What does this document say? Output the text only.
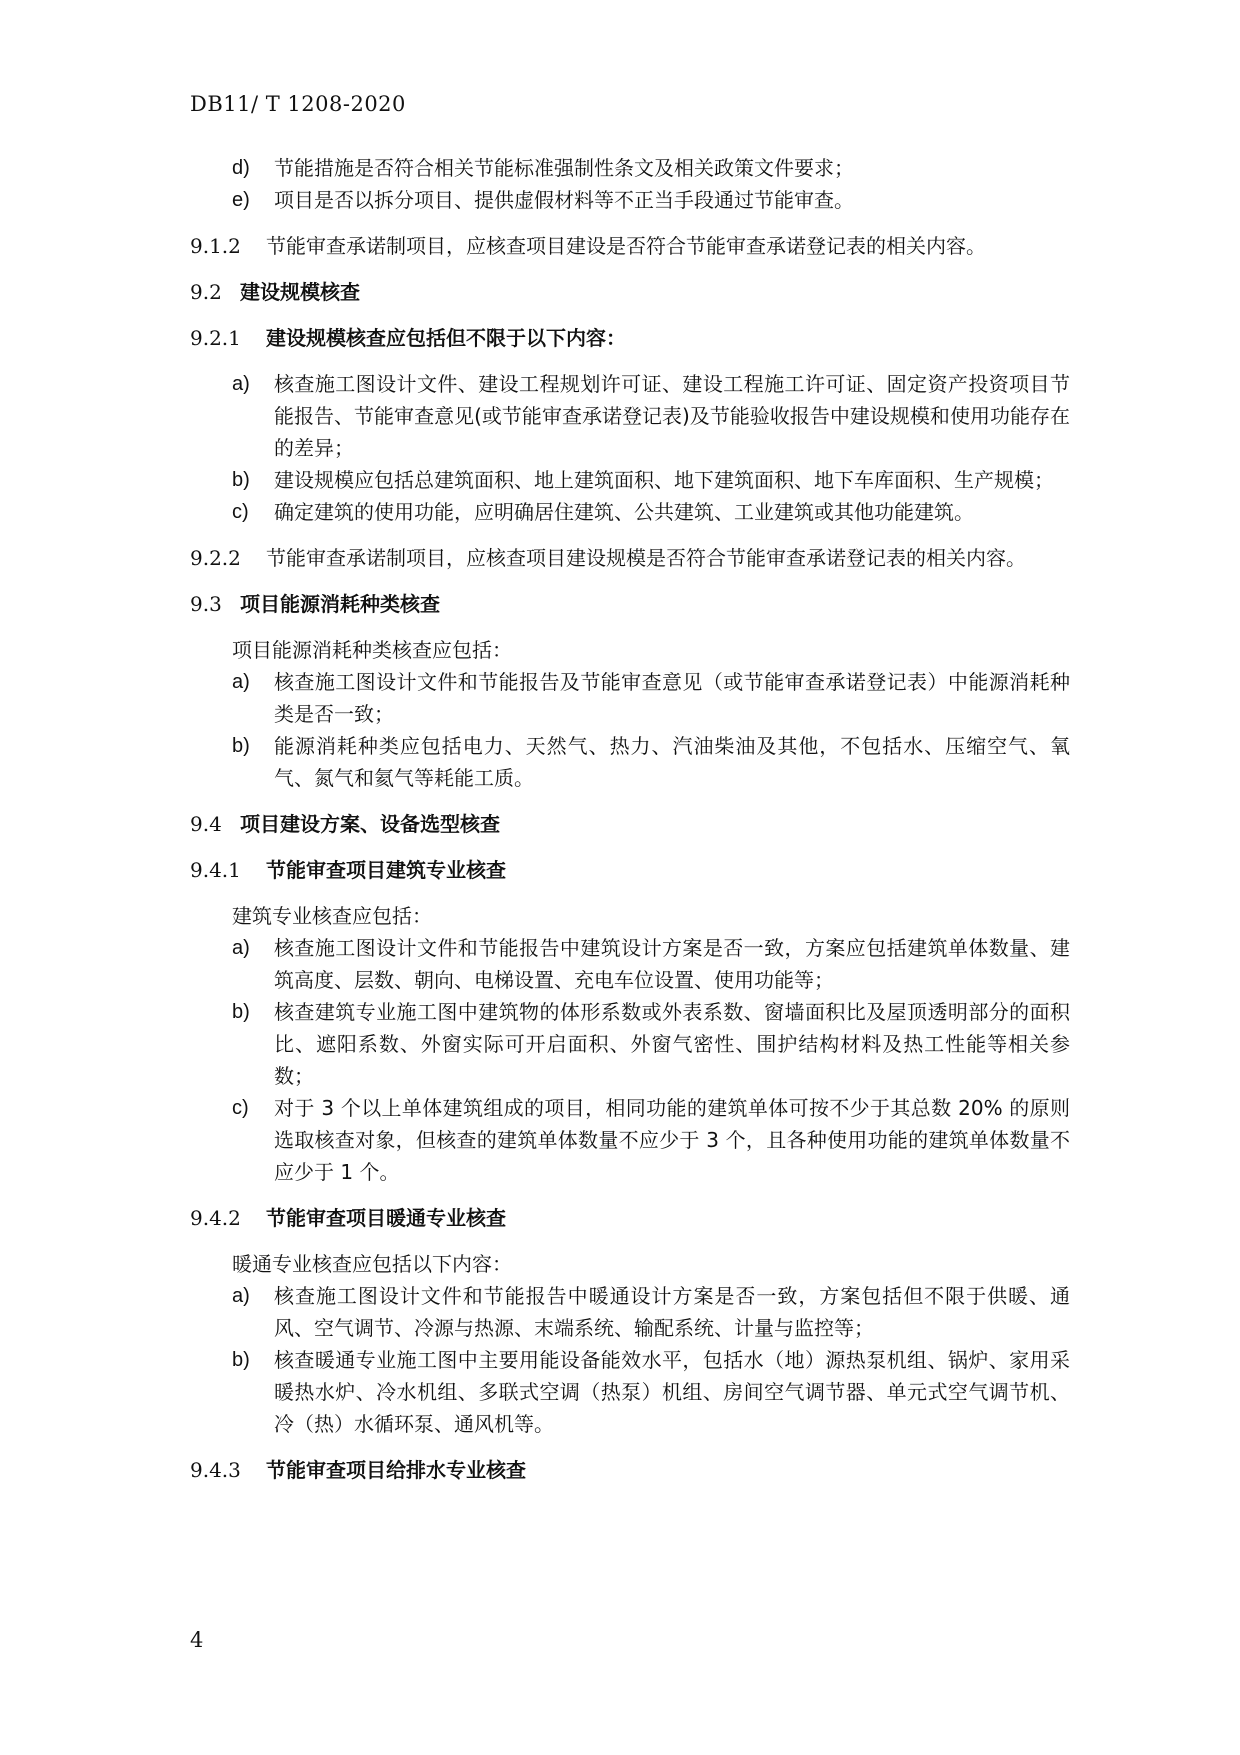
DB11/ T 1208-2020
d)	节能措施是否符合相关节能标准强制性条文及相关政策文件要求；
e)	项目是否以拆分项目、提供虚假材料等不正当手段通过节能审查。
9.1.2	节能审查承诺制项目，应核查项目建设是否符合节能审查承诺登记表的相关内容。
9.2 建设规模核查
9.2.1	建设规模核查应包括但不限于以下内容：
a)	核查施工图设计文件、建设工程规划许可证、建设工程施工许可证、固定资产投资项目节能报告、节能审查意见(或节能审查承诺登记表)及节能验收报告中建设规模和使用功能存在的差异；
b)	建设规模应包括总建筑面积、地上建筑面积、地下建筑面积、地下车库面积、生产规模；
c)	确定建筑的使用功能，应明确居住建筑、公共建筑、工业建筑或其他功能建筑。
9.2.2 节能审查承诺制项目，应核查项目建设规模是否符合节能审查承诺登记表的相关内容。
9.3 项目能源消耗种类核查
项目能源消耗种类核查应包括：
a)	核查施工图设计文件和节能报告及节能审查意见（或节能审查承诺登记表）中能源消耗种类是否一致；
b)	能源消耗种类应包括电力、天然气、热力、汽油柴油及其他，不包括水、压缩空气、氧气、氮气和氦气等耗能工质。
9.4 项目建设方案、设备选型核查
9.4.1	节能审查项目建筑专业核查
建筑专业核查应包括：
a)	核查施工图设计文件和节能报告中建筑设计方案是否一致，方案应包括建筑单体数量、建筑高度、层数、朝向、电梯设置、充电车位设置、使用功能等；
b)	核查建筑专业施工图中建筑物的体形系数或外表系数、窗墙面积比及屋顶透明部分的面积比、遮阳系数、外窗实际可开启面积、外窗气密性、围护结构材料及热工性能等相关参数；
c)	对于 3 个以上单体建筑组成的项目，相同功能的建筑单体可按不少于其总数 20% 的原则选取核查对象，但核查的建筑单体数量不应少于 3 个，且各种使用功能的建筑单体数量不应少于 1 个。
9.4.2	节能审查项目暖通专业核查
暖通专业核查应包括以下内容：
a)	核查施工图设计文件和节能报告中暖通设计方案是否一致，方案包括但不限于供暖、通风、空气调节、冷源与热源、末端系统、输配系统、计量与监控等；
b)	核查暖通专业施工图中主要用能设备能效水平，包括水（地）源热泵机组、锅炉、家用采暖热水炉、冷水机组、多联式空调（热泵）机组、房间空气调节器、单元式空气调节机、冷（热）水循环泵、通风机等。
9.4.3	节能审查项目给排水专业核查
4
